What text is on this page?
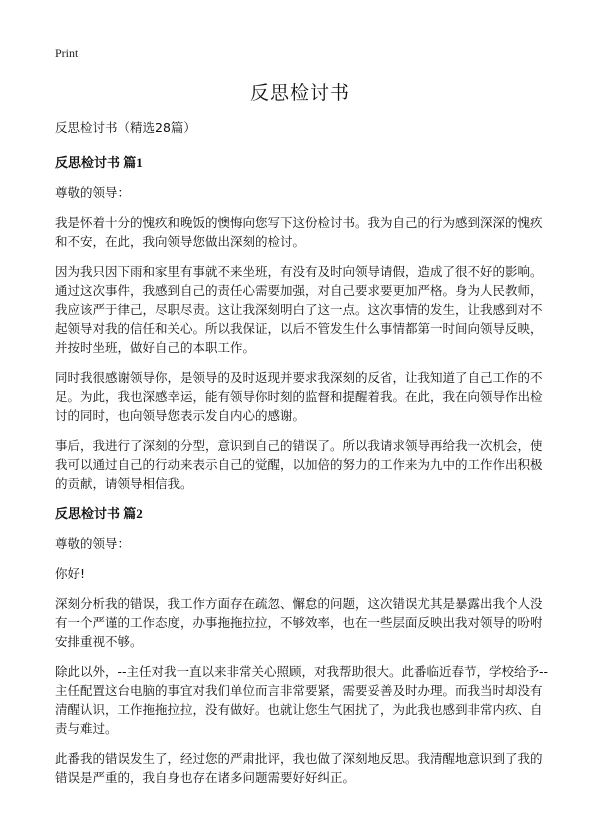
Print
反思检讨书

反思检讨书（精选28篇）

反思检讨书 篇1

尊敬的领导：

我是怀着十分的愧疚和晚饭的懊悔向您写下这份检讨书。我为自己的行为感到深深的愧疚和不安，在此，我向领导您做出深刻的检讨。

因为我只因下雨和家里有事就不来坐班，有没有及时向领导请假，造成了很不好的影响。通过这次事件，我感到自己的责任心需要加强，对自己要求要更加严格。身为人民教师，我应该严于律己，尽职尽责。这让我深刻明白了这一点。这次事情的发生，让我感到对不起领导对我的信任和关心。所以我保证，以后不管发生什么事情都第一时间向领导反映，并按时坐班，做好自己的本职工作。

同时我很感谢领导你，是领导的及时返现并要求我深刻的反省，让我知道了自己工作的不足。为此，我也深感幸运，能有领导你时刻的监督和提醒着我。在此，我在向领导作出检讨的同时，也向领导您表示发自内心的感谢。

事后，我进行了深刻的分型，意识到自己的错误了。所以我请求领导再给我一次机会，使我可以通过自己的行动来表示自己的觉醒，以加倍的努力的工作来为九中的工作作出积极的贡献，请领导相信我。

反思检讨书 篇2

尊敬的领导：

你好!

深刻分析我的错误，我工作方面存在疏忽、懈怠的问题，这次错误尤其是暴露出我个人没有一个严谨的工作态度，办事拖拖拉拉，不够效率，也在一些层面反映出我对领导的吩咐安排重视不够。

除此以外，--主任对我一直以来非常关心照顾，对我帮助很大。此番临近春节，学校给予--主任配置这台电脑的事宜对我们单位而言非常要紧，需要妥善及时办理。而我当时却没有清醒认识，工作拖拖拉拉，没有做好。也就让您生气困扰了，为此我也感到非常内疚、自责与难过。

此番我的错误发生了，经过您的严肃批评，我也做了深刻地反思。我清醒地意识到了我的错误是严重的，我自身也存在诸多问题需要好好纠正。
